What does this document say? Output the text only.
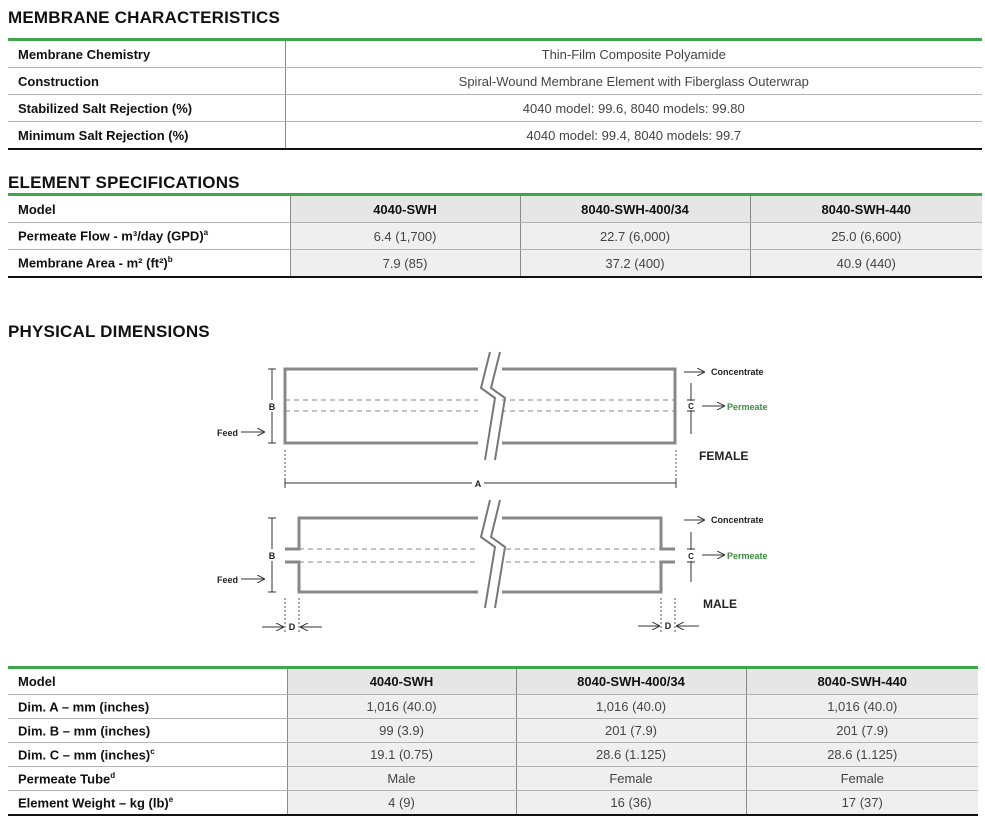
MEMBRANE CHARACTERISTICS
Membrane Chemistry	Thin-Film Composite Polyamide
Construction	Spiral-Wound Membrane Element with Fiberglass Outerwrap
Stabilized Salt Rejection (%)	4040 model: 99.6, 8040 models: 99.80
Minimum Salt Rejection (%)	4040 model: 99.4, 8040 models: 99.7
ELEMENT SPECIFICATIONS
Model	4040-SWH	8040-SWH-400/34	8040-SWH-440
Permeate Flow - m³/day (GPD)$^a$	6.4 (1,700)	22.7 (6,000)	25.0 (6,600)
Membrane Area - m² $(ft^2)^b$	7.9 (85)	37.2 (400)	40.9 (440)
PHYSICAL DIMENSIONS
B
Feed
Concentrate
C	Permeate
FEMALE
A
B
Feed
Concentrate
C	Permeate
MALE
D	D
Model	4040-SWH	8040-SWH-400/34	8040-SWH-440
Dim. A – mm (inches)	1,016 (40.0)	1,016 (40.0)	1,016 (40.0)
Dim. B – mm (inches)	99 (3.9)	201 (7.9)	201 (7.9)
Dim. C – mm (inches)$^c$	19.1 (0.75)	28.6 (1.125)	28.6 (1.125)
Permeate Tube$^d$	Male	Female	Female
Element Weight – kg (lb)$^e$	4 (9)	16 (36)	17 (37)
